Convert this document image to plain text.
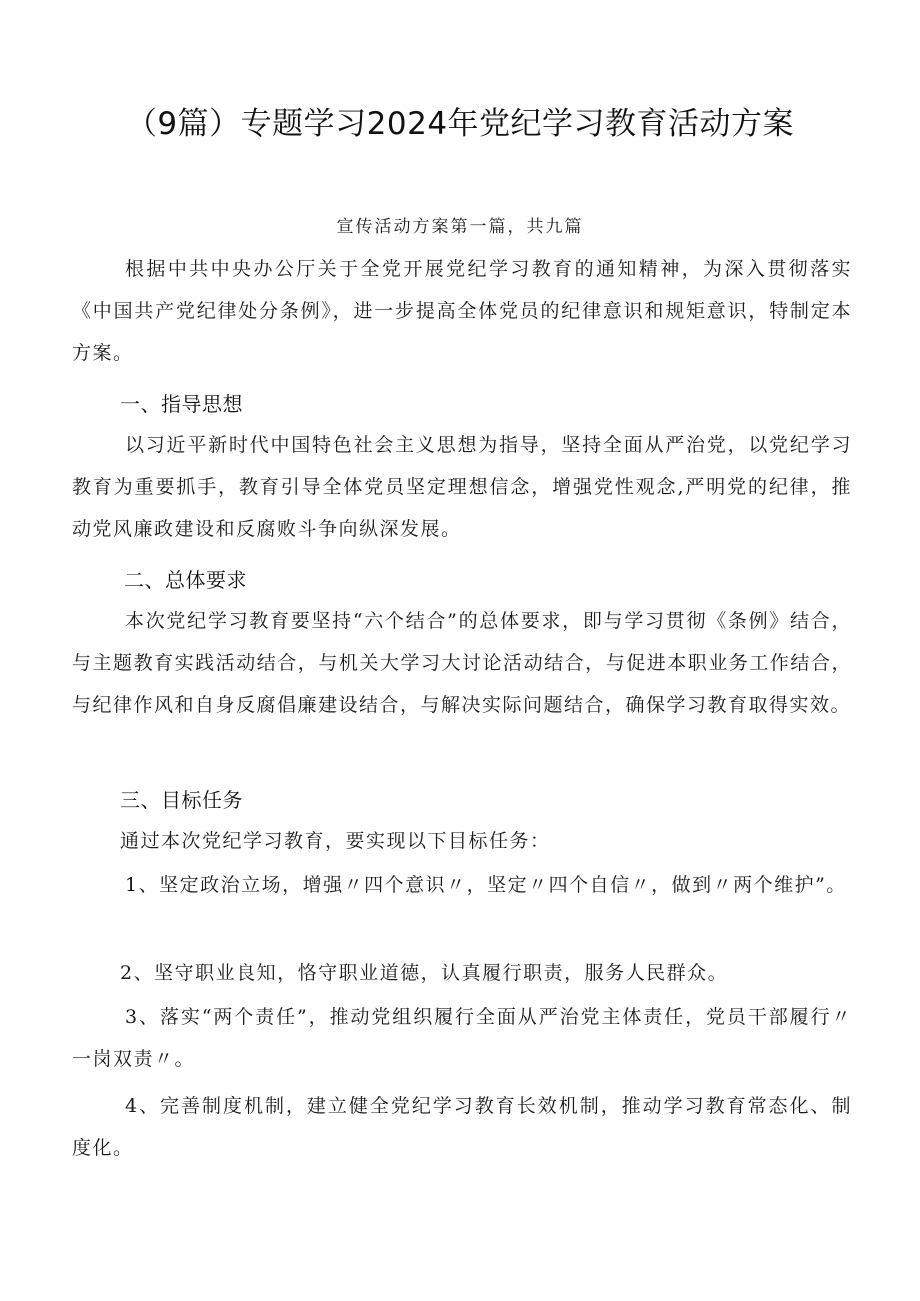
（9篇）专题学习2024年党纪学习教育活动方案
宣传活动方案第一篇，共九篇

根据中共中央办公厅关于全党开展党纪学习教育的通知精神，为深入贯彻落实《中国共产党纪律处分条例》，进一步提高全体党员的纪律意识和规矩意识，特制定本方案。

一、指导思想

以习近平新时代中国特色社会主义思想为指导，坚持全面从严治党，以党纪学习教育为重要抓手，教育引导全体党员坚定理想信念，增强党性观念,严明党的纪律，推动党风廉政建设和反腐败斗争向纵深发展。

二、总体要求

本次党纪学习教育要坚持“六个结合”的总体要求，即与学习贯彻《条例》结合，与主题教育实践活动结合，与机关大学习大讨论活动结合，与促进本职业务工作结合，与纪律作风和自身反腐倡廉建设结合，与解决实际问题结合，确保学习教育取得实效。

三、目标任务

通过本次党纪学习教育，要实现以下目标任务：

1、坚定政治立场，增强〃四个意识〃，坚定〃四个自信〃，做到〃两个维护”。

2、坚守职业良知，恪守职业道德，认真履行职责，服务人民群众。

3、落实“两个责任”，推动党组织履行全面从严治党主体责任，党员干部履行〃一岗双责〃。

4、完善制度机制，建立健全党纪学习教育长效机制，推动学习教育常态化、制度化。
